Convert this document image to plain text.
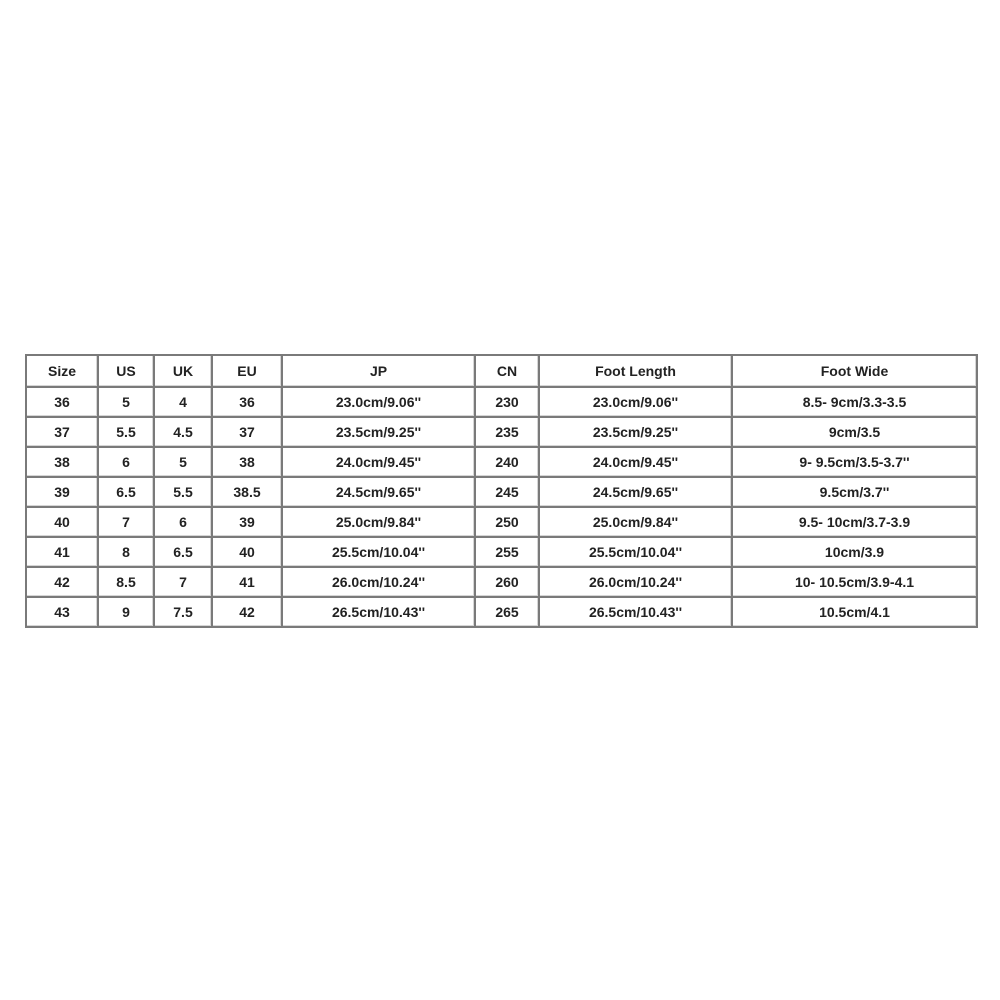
Size	US	UK	EU	JP	CN	Foot Length	Foot Wide
36	5	4	36	23.0cm/9.06''	230	23.0cm/9.06''	8.5- 9cm/3.3-3.5
37	5.5	4.5	37	23.5cm/9.25''	235	23.5cm/9.25''	9cm/3.5
38	6	5	38	24.0cm/9.45''	240	24.0cm/9.45''	9- 9.5cm/3.5-3.7''
39	6.5	5.5	38.5	24.5cm/9.65''	245	24.5cm/9.65''	9.5cm/3.7''
40	7	6	39	25.0cm/9.84''	250	25.0cm/9.84''	9.5- 10cm/3.7-3.9
41	8	6.5	40	25.5cm/10.04''	255	25.5cm/10.04''	10cm/3.9
42	8.5	7	41	26.0cm/10.24''	260	26.0cm/10.24''	10- 10.5cm/3.9-4.1
43	9	7.5	42	26.5cm/10.43''	265	26.5cm/10.43''	10.5cm/4.1
